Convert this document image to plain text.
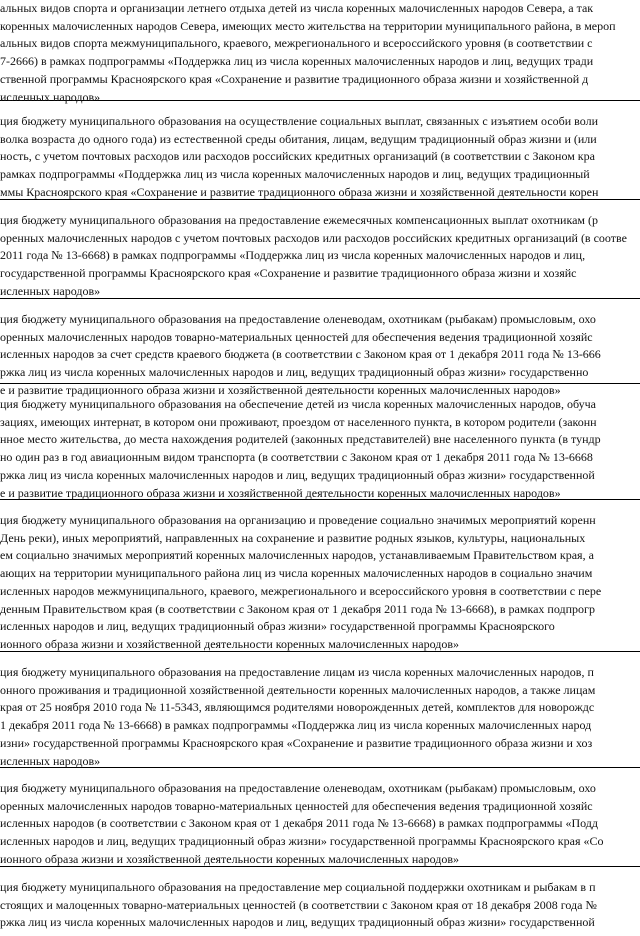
альных видов спорта и организации летнего отдыха детей из числа коренных малочисленных народов Севера, а так
коренных малочисленных народов Севера, имеющих место жительства на территории муниципального района, в мероп
альных видов спорта межмуниципального, краевого, межрегионального и всероссийского уровня (в соответствии с
7-2666) в рамках подпрограммы «Поддержка лиц из числа коренных малочисленных народов и лиц, ведущих тради
ственной программы Красноярского края «Сохранение и развитие традиционного образа жизни и хозяйственной д
исленных народов»
ция бюджету муниципального образования на осуществление социальных выплат, связанных с изъятием особи воли
волка возраста до одного года) из естественной среды обитания, лицам, ведущим традиционный образ жизни и (или
ность, с учетом почтовых расходов или расходов российских кредитных организаций (в соответствии с Законом кра
рамках подпрограммы «Поддержка лиц из числа коренных малочисленных народов и лиц, ведущих традиционный
ммы Красноярского края «Сохранение и развитие традиционного образа жизни и хозяйственной деятельности корен
ция бюджету муниципального образования на предоставление ежемесячных компенсационных выплат охотникам (р
оренных малочисленных народов с учетом почтовых расходов или расходов российских кредитных организаций (в соотве
2011 года № 13-6668) в рамках подпрограммы «Поддержка лиц из числа коренных малочисленных народов и лиц,
государственной программы Красноярского края «Сохранение и развитие традиционного образа жизни и хозяйс
исленных народов»
ция бюджету муниципального образования на предоставление оленеводам, охотникам (рыбакам) промысловым, охо
оренных малочисленных народов товарно-материальных ценностей для обеспечения ведения традиционной хозяйс
исленных народов за счет средств краевого бюджета (в соответствии с Законом края от 1 декабря 2011 года № 13-666
ржка лиц из числа коренных малочисленных народов и лиц, ведущих традиционный образ жизни» государственно
е и развитие традиционного образа жизни и хозяйственной деятельности коренных малочисленных народов»
ция бюджету муниципального образования на обеспечение детей из числа коренных малочисленных народов, обуча
зациях, имеющих интернат, в котором они проживают, проездом от населенного пункта, в котором родители (законн
нное место жительства, до места нахождения родителей (законных представителей) вне населенного пункта (в тундр
но один раз в год авиационным видом транспорта (в соответствии с Законом края от 1 декабря 2011 года № 13-6668
ржка лиц из числа коренных малочисленных народов и лиц, ведущих традиционный образ жизни» государственной
е и развитие традиционного образа жизни и хозяйственной деятельности коренных малочисленных народов»
ция бюджету муниципального образования на организацию и проведение социально значимых мероприятий коренн
День реки), иных мероприятий, направленных на сохранение и развитие родных языков, культуры, национальных
ем социально значимых мероприятий коренных малочисленных народов, устанавливаемым Правительством края, а
ающих на территории муниципального района лиц из числа коренных малочисленных народов в социально значим
исленных народов межмуниципального, краевого, межрегионального и всероссийского уровня в соответствии с пере
денным Правительством края (в соответствии с Законом края от 1 декабря 2011 года № 13-6668), в рамках подпрогр
исленных народов и лиц, ведущих традиционный образ жизни» государственной программы Красноярского
ионного образа жизни и хозяйственной деятельности коренных малочисленных народов»
ция бюджету муниципального образования на предоставление лицам из числа коренных малочисленных народов, п
онного проживания и традиционной хозяйственной деятельности коренных малочисленных народов, а также лицам
края от 25 ноября 2010 года № 11-5343, являющимся родителями новорожденных детей, комплектов для новорождс
1 декабря 2011 года № 13-6668) в рамках подпрограммы «Поддержка лиц из числа коренных малочисленных народ
изни» государственной программы Красноярского края «Сохранение и развитие традиционного образа жизни и хоз
исленных народов»
ция бюджету муниципального образования на предоставление оленеводам, охотникам (рыбакам) промысловым, охо
оренных малочисленных народов товарно-материальных ценностей для обеспечения ведения традиционной хозяйс
исленных народов (в соответствии с Законом края от 1 декабря 2011 года № 13-6668) в рамках подпрограммы «Подд
исленных народов и лиц, ведущих традиционный образ жизни» государственной программы Красноярского края «Со
ионного образа жизни и хозяйственной деятельности коренных малочисленных народов»
ция бюджету муниципального образования на предоставление мер социальной поддержки охотникам и рыбакам в п
стоящих и малоценных товарно-материальных ценностей (в соответствии с Законом края от 18 декабря 2008 года №
ржка лиц из числа коренных малочисленных народов и лиц, ведущих традиционный образ жизни» государственной
